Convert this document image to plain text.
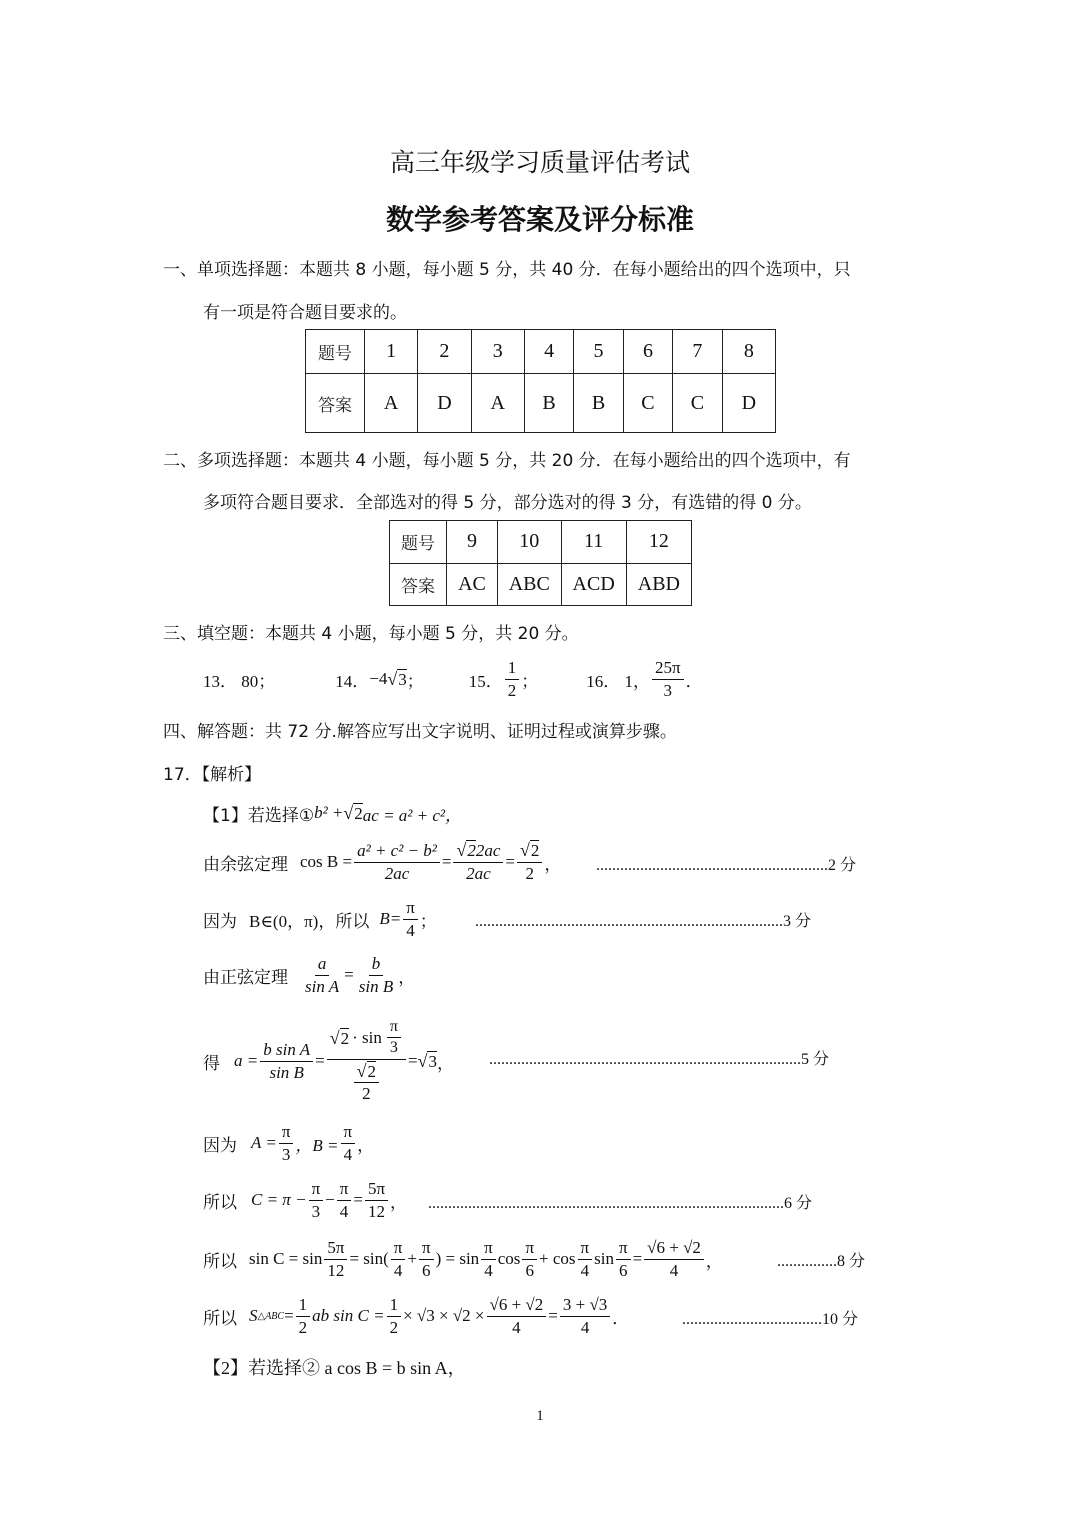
高三年级学习质量评估考试
数学参考答案及评分标准
一、单项选择题：本题共 8 小题，每小题 5 分，共 40 分．在每小题给出的四个选项中，只
有一项是符合题目要求的。
题号	1	2	3	4	5	6	7	8
答案	A	D	A	B	B	C	C	D
二、多项选择题：本题共 4 小题，每小题 5 分，共 20 分．在每小题给出的四个选项中，有
多项符合题目要求．全部选对的得 5 分，部分选对的得 3 分，有选错的得 0 分。
题号	9	10	11	12
答案	AC	ABC	ACD	ABD
三、填空题：本题共 4 小题，每小题 5 分，共 20 分。
13． 80；	14． −4 √ 3 ；	15． $\frac{1}{2}$ ；	16． 1， $\frac{25\pi}{3}$ ．
四、解答题：共 72 分.解答应写出文字说明、证明过程或演算步骤。
17．【解析】
【1】若选择① b² + √ 2 ac = a² + c²，
由余弦定理 $\cos B = \frac{\text{a² + c² − b²}}{2ac} = \frac{√22ac}{2ac} = \frac{√2}{2}$ ， ..........................................................2 分
因为 B∈(0，π)，所以 $B= \frac{\pi}{4}$ ； .............................................................................3 分
由正弦定理 $\frac{a}{\text{sin A}} = \frac{b}{\text{sin B}}$ ，
得 $a = \frac{\text{b sin A}}{\text{sin B}} = \frac{√ 2 \cdot \sin \frac{\pi}{3}}{\frac{√2}{2}}$ = √ 3 ， ..............................................................................5 分
因为 $A = \frac{\pi}{3}$ ，$B = \frac{\pi}{4}$ ，
所以 $C = \pi - \frac{\pi}{3} - \frac{\pi}{4} = \frac{5\pi}{12}$ ， .........................................................................................6 分
所以 $\sin C = \sin \frac{5\pi}{12} = \sin( \frac{\pi}{4} + \frac{\pi}{6}$ ) = $\sin \frac{\pi}{4}$ $\cos \frac{\pi}{6} + \cos \frac{\pi}{4}$ $\sin \frac{\pi}{6} = \frac{√6 + √2}{4}$ ，	...............8 分
所以 S △ABC = $\frac{1}{2}$ ab $\sin C = \frac{1}{2} \times √3 \times √2 \times \frac{√6 + √2}{4} = \frac{3 + √3}{4}$ ．	...................................10 分
【2】若选择② a cos B = b sin A，
1
